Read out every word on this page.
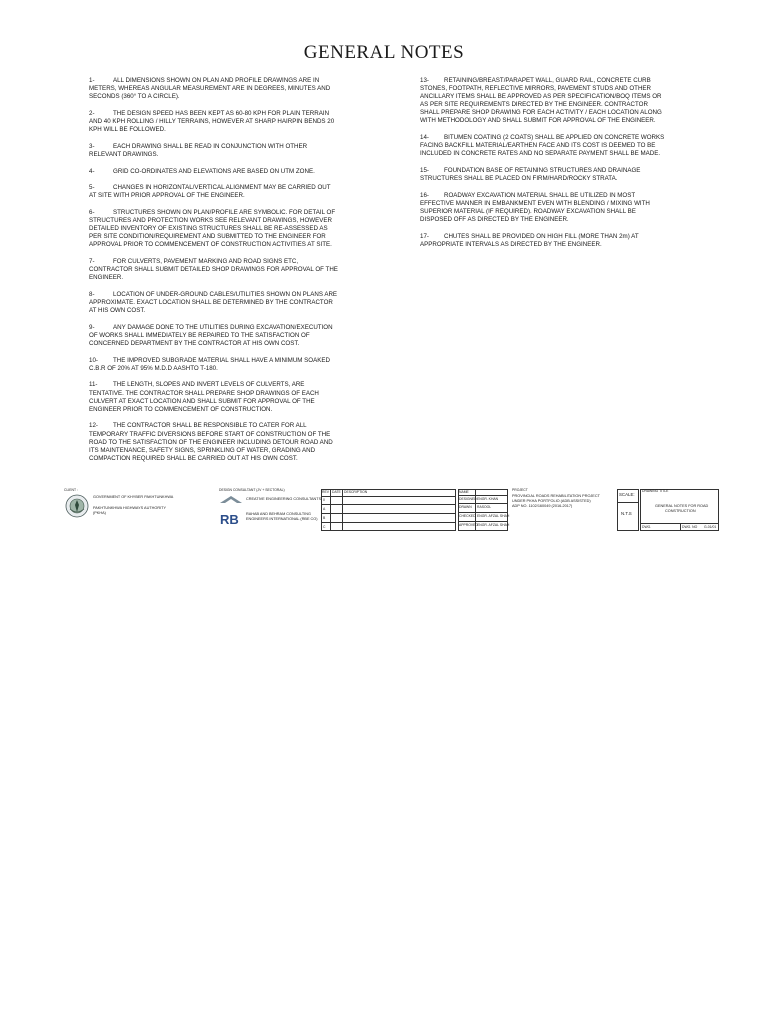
GENERAL NOTES

1-	ALL DIMENSIONS SHOWN ON PLAN AND PROFILE DRAWINGS ARE IN METERS, WHEREAS ANGULAR MEASUREMENT ARE IN DEGREES, MINUTES AND SECONDS (360° TO A CIRCLE).

2-	THE DESIGN SPEED HAS BEEN KEPT AS 60-80 KPH FOR PLAIN TERRAIN AND 40 KPH ROLLING / HILLY TERRAINS, HOWEVER AT SHARP HAIRPIN BENDS 20 KPH WILL BE FOLLOWED.

3-	EACH DRAWING SHALL BE READ IN CONJUNCTION WITH OTHER RELEVANT DRAWINGS.

4-	GRID CO-ORDINATES AND ELEVATIONS ARE BASED ON UTM ZONE.

5-	CHANGES IN HORIZONTAL/VERTICAL ALIGNMENT MAY BE CARRIED OUT AT SITE WITH PRIOR APPROVAL OF THE ENGINEER.

6-	STRUCTURES SHOWN ON PLAN/PROFILE ARE SYMBOLIC. FOR DETAIL OF STRUCTURES AND PROTECTION WORKS SEE RELEVANT DRAWINGS, HOWEVER DETAILED INVENTORY OF EXISTING STRUCTURES SHALL BE RE-ASSESSED AS PER SITE CONDITION/REQUIREMENT AND SUBMITTED TO THE ENGINEER FOR APPROVAL PRIOR TO COMMENCEMENT OF CONSTRUCTION ACTIVITIES AT SITE.

7-	FOR CULVERTS, PAVEMENT MARKING AND ROAD SIGNS ETC, CONTRACTOR SHALL SUBMIT DETAILED SHOP DRAWINGS FOR APPROVAL OF THE ENGINEER.

8-	LOCATION OF UNDER-GROUND CABLES/UTILITIES SHOWN ON PLANS ARE APPROXIMATE. EXACT LOCATION SHALL BE DETERMINED BY THE CONTRACTOR AT HIS OWN COST.

9-	ANY DAMAGE DONE TO THE UTILITIES DURING EXCAVATION/EXECUTION OF WORKS SHALL IMMEDIATELY BE REPAIRED TO THE SATISFACTION OF CONCERNED DEPARTMENT BY THE CONTRACTOR AT HIS OWN COST.

10- THE IMPROVED SUBGRADE MATERIAL SHALL HAVE A MINIMUM SOAKED C.B.R OF 20% AT 95% M.D.D AASHTO T-180.

11-	THE LENGTH, SLOPES AND INVERT LEVELS OF CULVERTS, ARE TENTATIVE. THE CONTRACTOR SHALL PREPARE SHOP DRAWINGS OF EACH CULVERT AT EXACT LOCATION AND SHALL SUBMIT FOR APPROVAL OF THE ENGINEER PRIOR TO COMMENCEMENT OF CONSTRUCTION.

12- THE CONTRACTOR SHALL BE RESPONSIBLE TO CATER FOR ALL TEMPORARY TRAFFIC DIVERSIONS BEFORE START OF CONSTRUCTION OF THE ROAD TO THE SATISFACTION OF THE ENGINEER INCLUDING DETOUR ROAD AND ITS MAINTENANCE, SAFETY SIGNS, SPRINKLING OF WATER, GRADING AND COMPACTION REQUIRED SHALL BE CARRIED OUT AT HIS OWN COST.

13- RETAINING/BREAST/PARAPET WALL, GUARD RAIL, CONCRETE CURB STONES, FOOTPATH, REFLECTIVE MIRRORS, PAVEMENT STUDS AND OTHER ANCILLARY ITEMS SHALL BE APPROVED AS PER SPECIFICATION/BOQ ITEMS OR AS PER SITE REQUIREMENTS DIRECTED BY THE ENGINEER. CONTRACTOR SHALL PREPARE SHOP DRAWING FOR EACH ACTIVITY / EACH LOCATION ALONG WITH METHODOLOGY AND SHALL SUBMIT FOR APPROVAL OF THE ENGINEER.

14- BITUMEN COATING (2 COATS) SHALL BE APPLIED ON CONCRETE WORKS FACING BACKFILL MATERIAL/EARTHEN FACE AND ITS COST IS DEEMED TO BE INCLUDED IN CONCRETE RATES AND NO SEPARATE PAYMENT SHALL BE MADE.

15- FOUNDATION BASE OF RETAINING STRUCTURES AND DRAINAGE STRUCTURES SHALL BE PLACED ON FIRM/HARD/ROCKY STRATA.

16- ROADWAY EXCAVATION MATERIAL SHALL BE UTILIZED IN MOST EFFECTIVE MANNER IN EMBANKMENT EVEN WITH BLENDING / MIXING WITH SUPERIOR MATERIAL (IF REQUIRED). ROADWAY EXCAVATION SHALL BE DISPOSED OFF AS DIRECTED BY THE ENGINEER.

17- CHUTES SHALL BE PROVIDED ON HIGH FILL (MORE THAN 2m) AT APPROPRIATE INTERVALS AS DIRECTED BY THE ENGINEER.

CLIENT :
GOVERNMENT OF KHYBER PAKHTUNKHWA
PAKHTUNKHWA HIGHWAYS AUTHORITY
(PKHA)
DESIGN CONSULTANT (JV + SECTORAL)
CREATIVE ENGINEERING CONSULTANTS
RB RAHAB AND BEHRAM CONSULTING
ENGINEERS INTERNATIONAL (RBE CO)
REV DATE DESCRIPTION
0
A
B
C
NAME
DESIGNED ENGR. KHAN
DRAWN RASOOL
CHECKED ENGR. AFZAL SHAH
APPROVED ENGR. AFZAL SHAH
PROJECT
PROVINCIAL ROADS REHABILITATION PROJECT
UNDER PKHA PORTFOLIO (ADB ASSISTED)
ADP NO. 1102/160049 (2016-2017)
SCALE:
N.T.S
DRAWING TITLE
GENERAL NOTES FOR ROAD
CONSTRUCTION
DWG.	DWG. NO G-01/01
